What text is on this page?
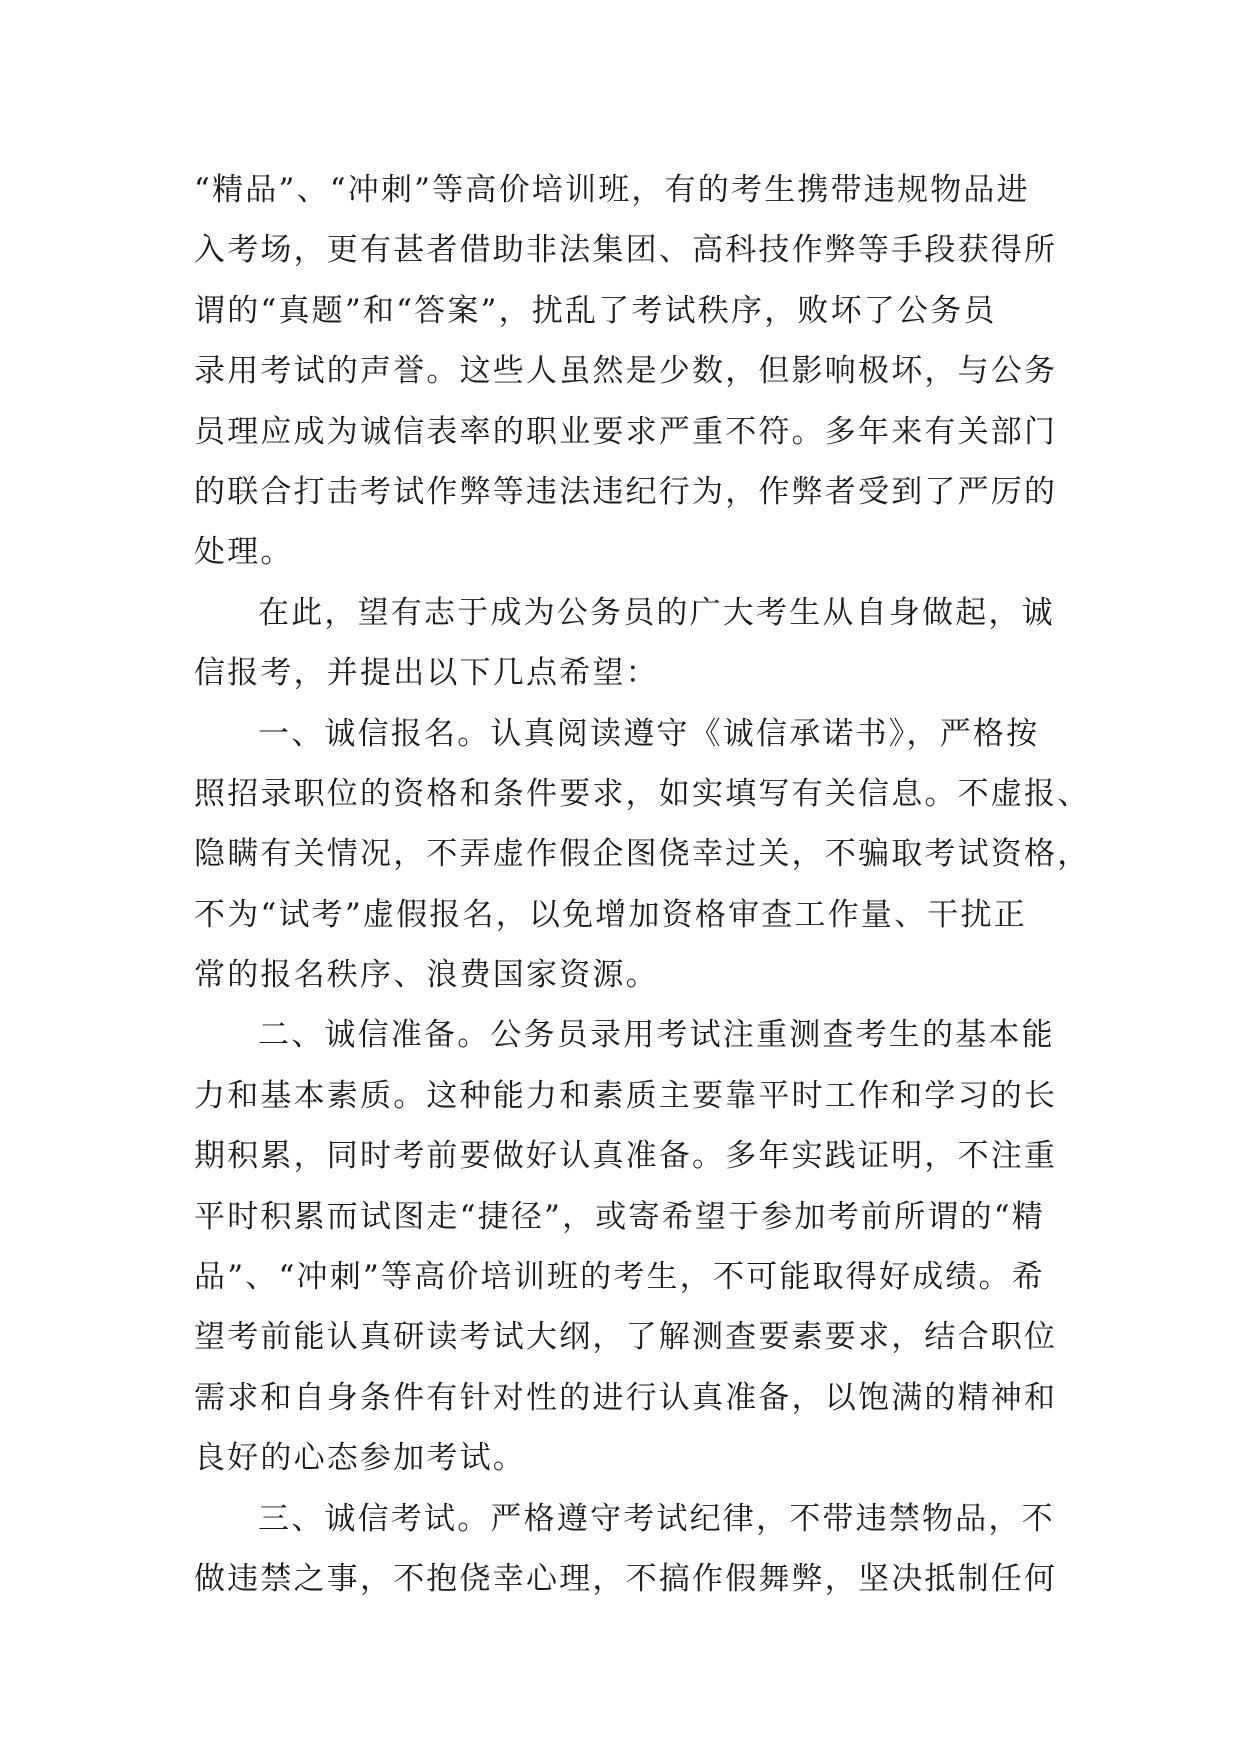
“精品”、“冲刺”等高价培训班，有的考生携带违规物品进
入考场，更有甚者借助非法集团、高科技作弊等手段获得所
谓的“真题”和“答案”，扰乱了考试秩序，败坏了公务员
录用考试的声誉。这些人虽然是少数，但影响极坏，与公务
员理应成为诚信表率的职业要求严重不符。多年来有关部门
的联合打击考试作弊等违法违纪行为，作弊者受到了严厉的
处理。
在此，望有志于成为公务员的广大考生从自身做起，诚
信报考，并提出以下几点希望：
一、诚信报名。认真阅读遵守《诚信承诺书》，严格按
照招录职位的资格和条件要求，如实填写有关信息。不虚报、
隐瞒有关情况，不弄虚作假企图侥幸过关，不骗取考试资格，
不为“试考”虚假报名，以免增加资格审查工作量、干扰正
常的报名秩序、浪费国家资源。
二、诚信准备。公务员录用考试注重测查考生的基本能
力和基本素质。这种能力和素质主要靠平时工作和学习的长
期积累，同时考前要做好认真准备。多年实践证明，不注重
平时积累而试图走“捷径”，或寄希望于参加考前所谓的“精
品”、“冲刺”等高价培训班的考生，不可能取得好成绩。希
望考前能认真研读考试大纲，了解测查要素要求，结合职位
需求和自身条件有针对性的进行认真准备，以饱满的精神和
良好的心态参加考试。
三、诚信考试。严格遵守考试纪律，不带违禁物品，不
做违禁之事，不抱侥幸心理，不搞作假舞弊，坚决抵制任何
